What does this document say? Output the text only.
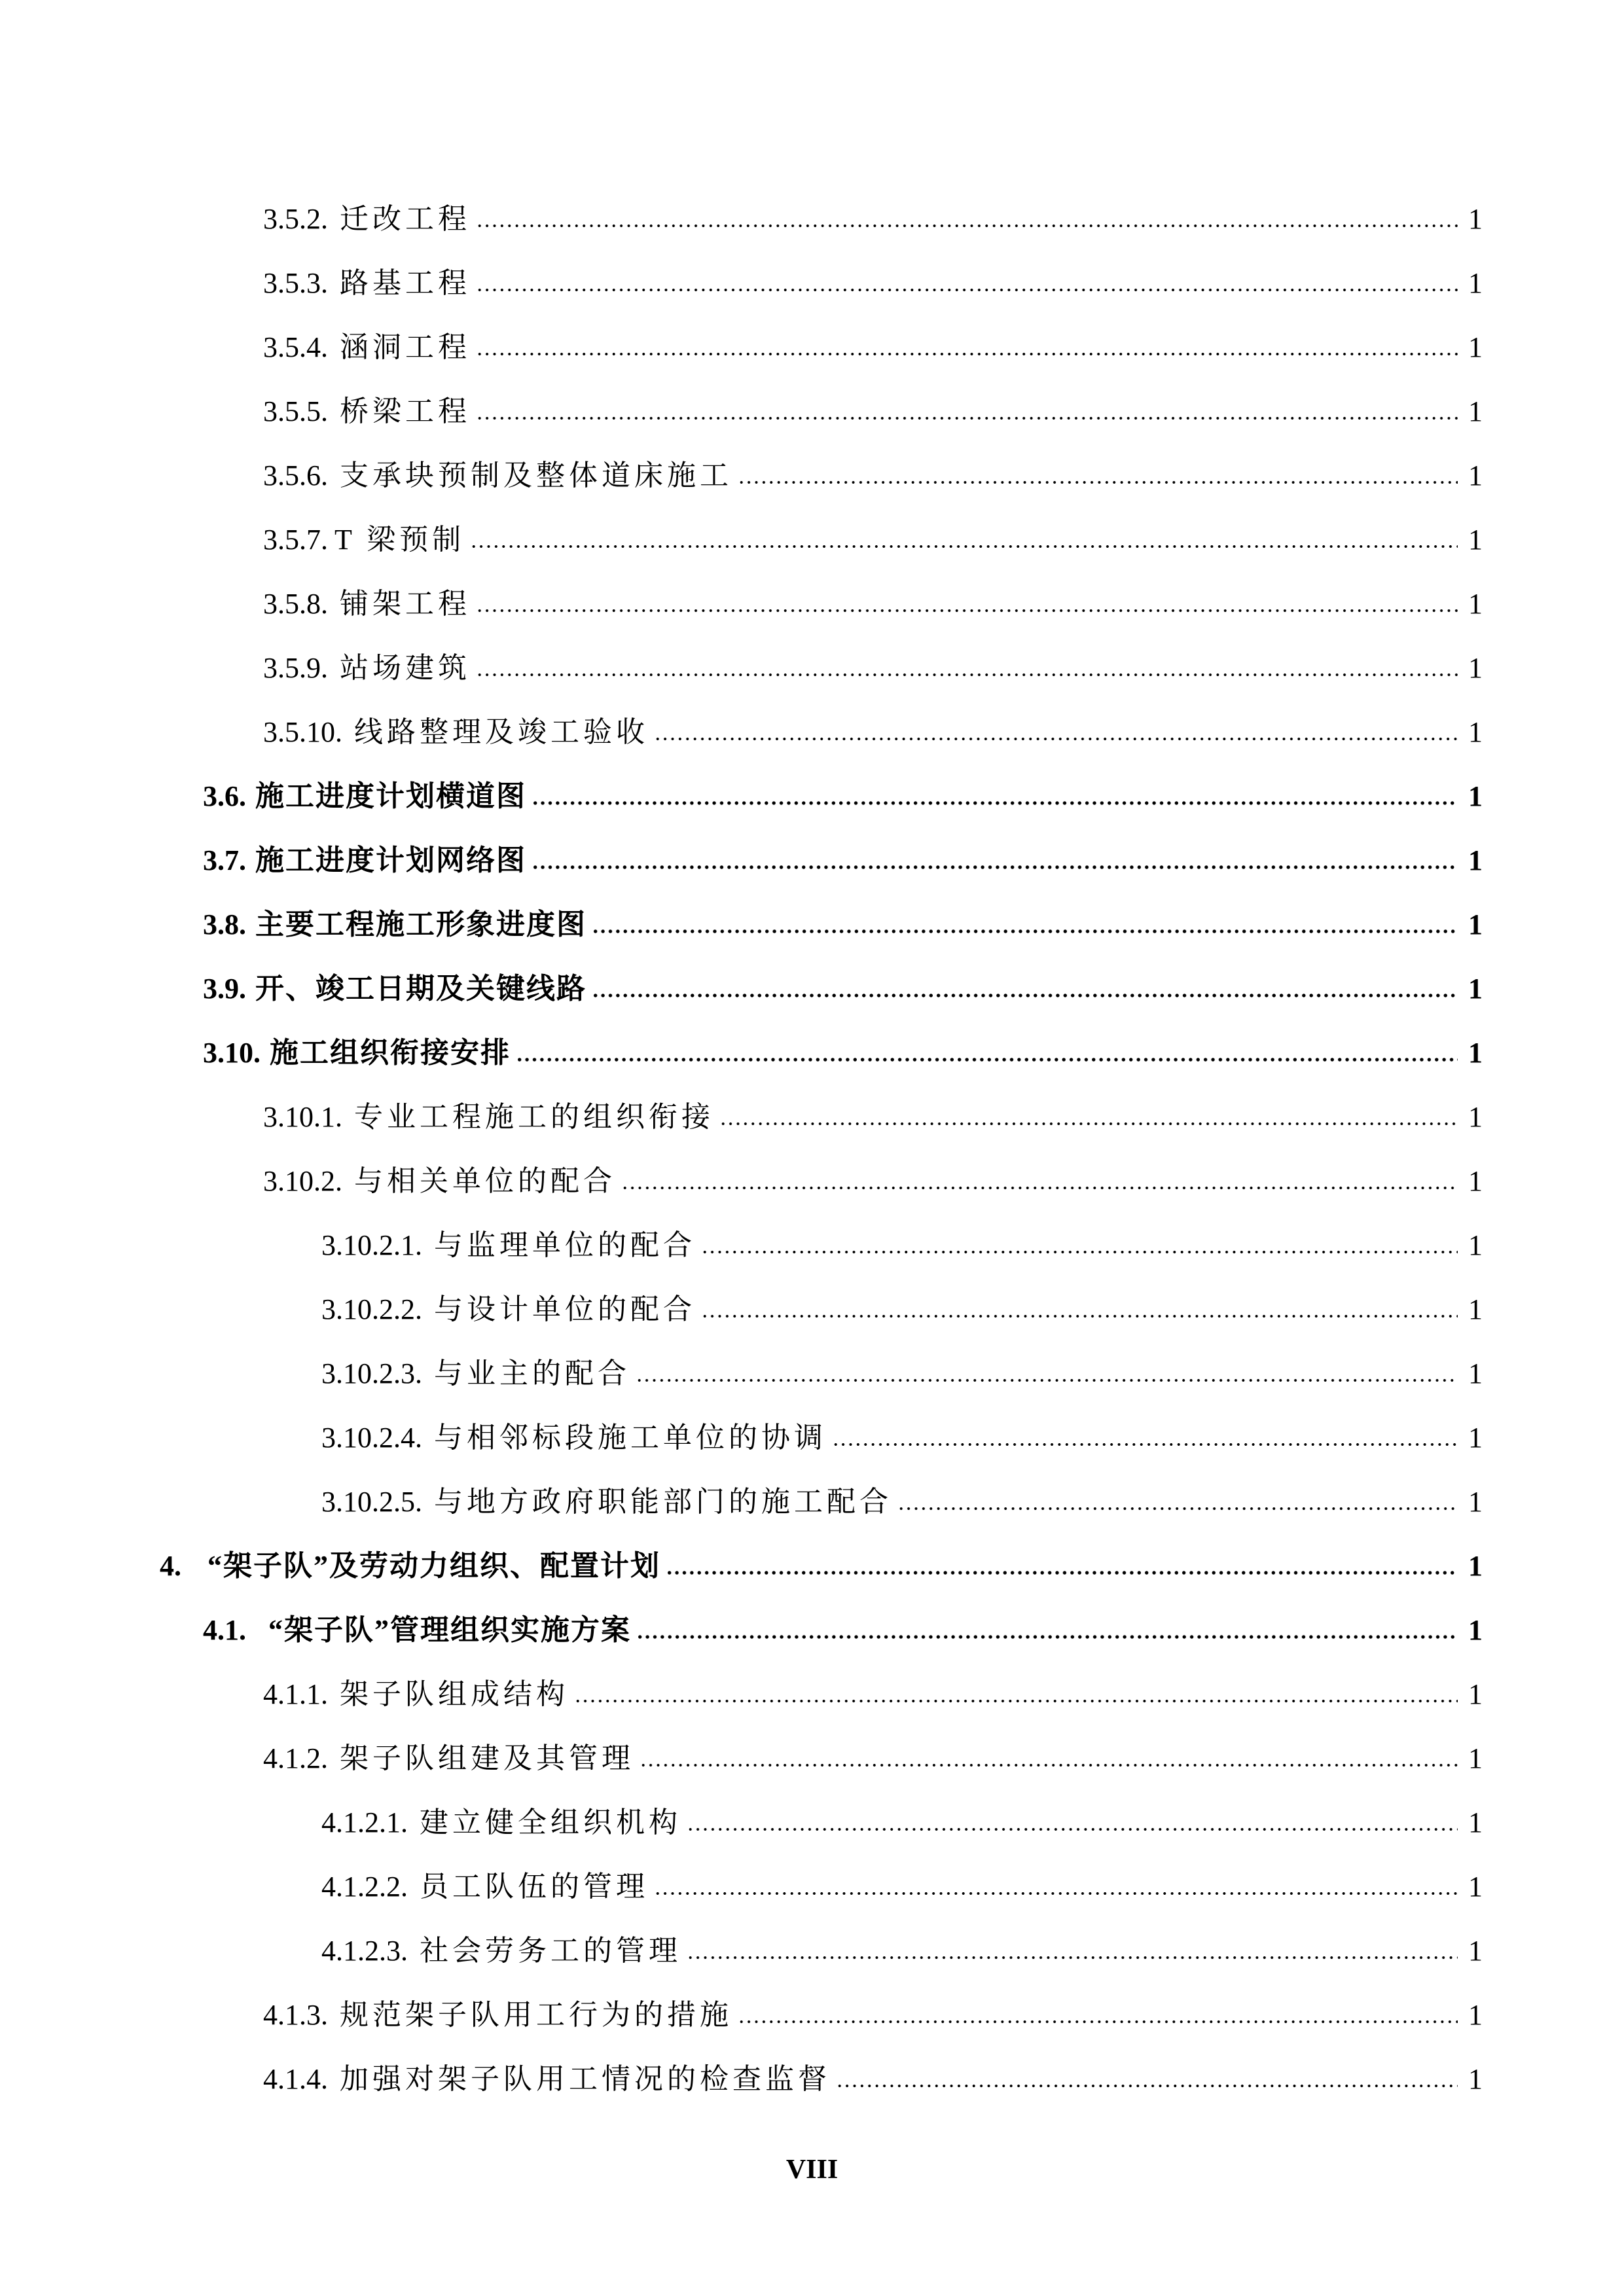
3.5.2. 迁改工程	1
3.5.3. 路基工程	1
3.5.4. 涵洞工程	1
3.5.5. 桥梁工程	1
3.5.6. 支承块预制及整体道床施工	1
3.5.7. T 梁预制	1
3.5.8. 铺架工程	1
3.5.9. 站场建筑	1
3.5.10. 线路整理及竣工验收	1
3.6. 施工进度计划横道图	1
3.7. 施工进度计划网络图	1
3.8. 主要工程施工形象进度图	1
3.9. 开、竣工日期及关键线路	1
3.10. 施工组织衔接安排	1
3.10.1. 专业工程施工的组织衔接	1
3.10.2. 与相关单位的配合	1
3.10.2.1. 与监理单位的配合	1
3.10.2.2. 与设计单位的配合	1
3.10.2.3. 与业主的配合	1
3.10.2.4. 与相邻标段施工单位的协调	1
3.10.2.5. 与地方政府职能部门的施工配合	1
4. “架子队”及劳动力组织、配置计划	1
4.1. “架子队”管理组织实施方案	1
4.1.1. 架子队组成结构	1
4.1.2. 架子队组建及其管理	1
4.1.2.1. 建立健全组织机构	1
4.1.2.2. 员工队伍的管理	1
4.1.2.3. 社会劳务工的管理	1
4.1.3. 规范架子队用工行为的措施	1
4.1.4. 加强对架子队用工情况的检查监督	1
VIII
